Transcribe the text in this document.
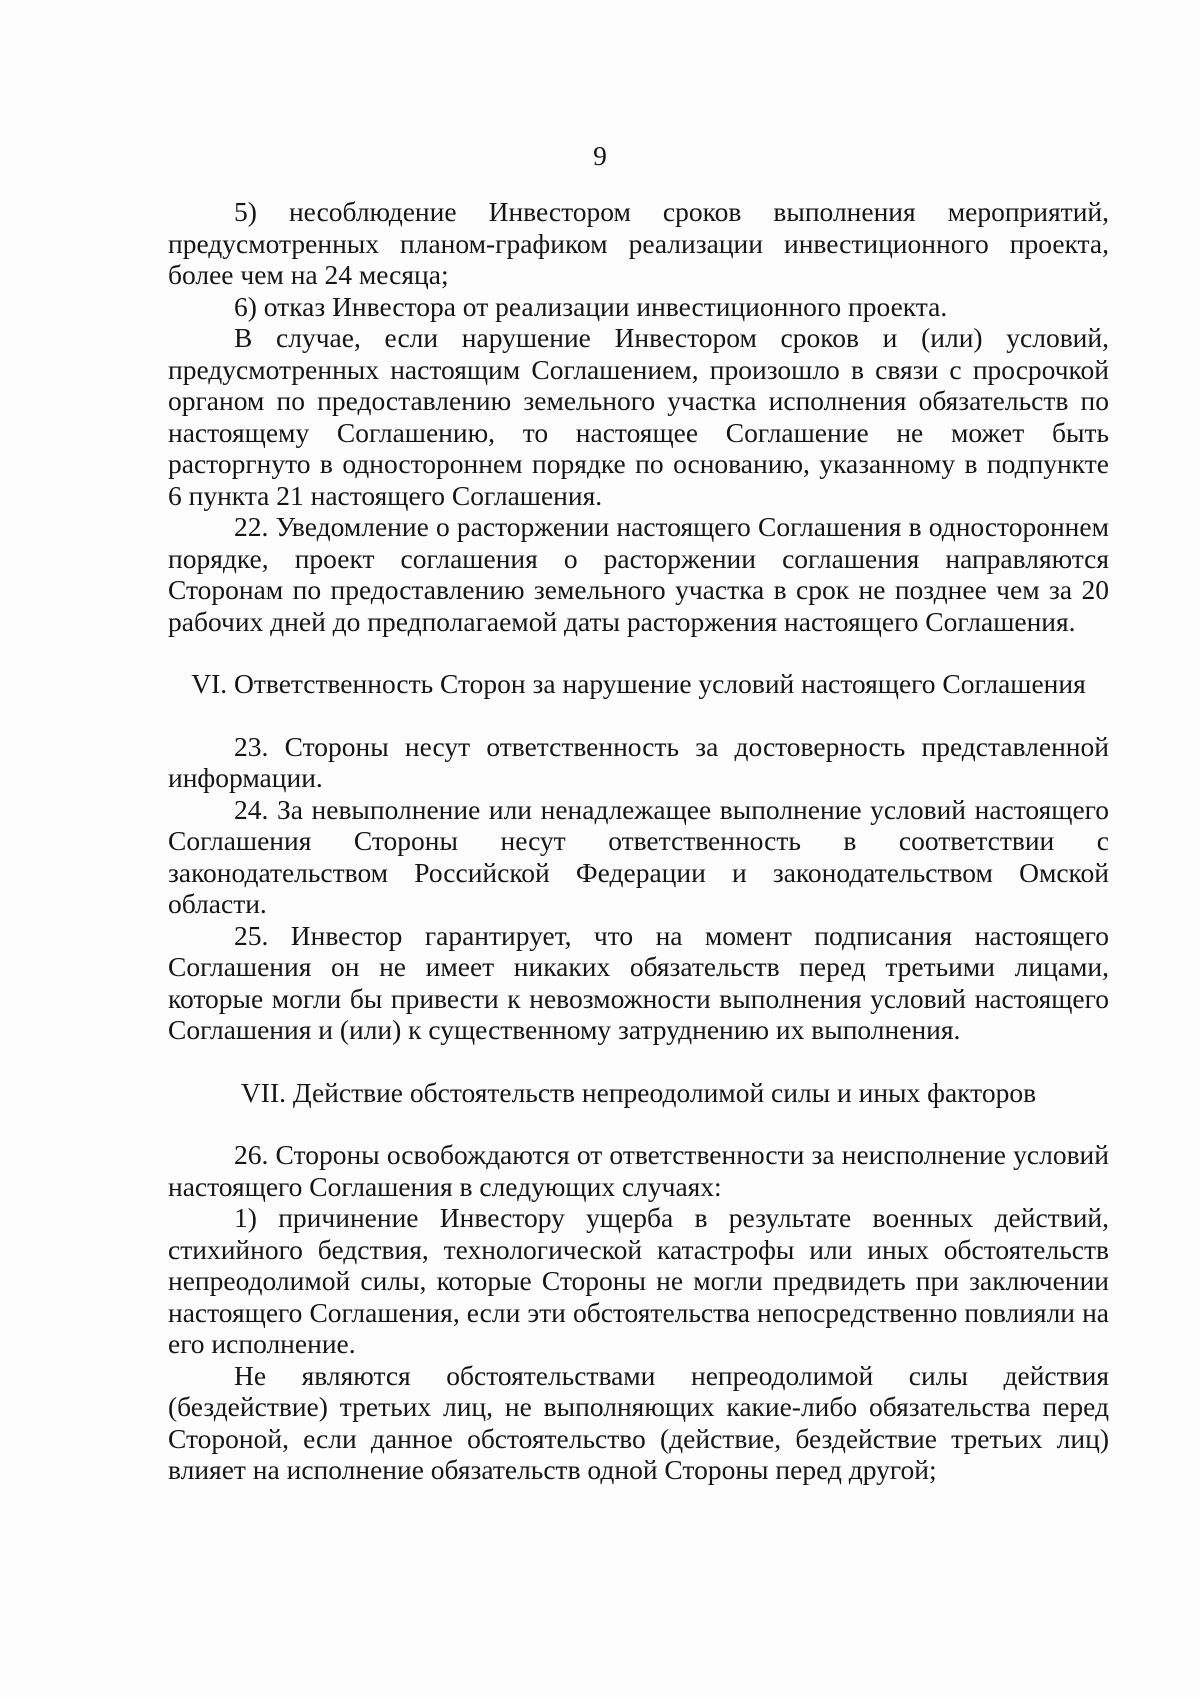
9

5) несоблюдение Инвестором сроков выполнения мероприятий, предусмотренных планом-графиком реализации инвестиционного проекта, более чем на 24 месяца;

6) отказ Инвестора от реализации инвестиционного проекта.

В случае, если нарушение Инвестором сроков и (или) условий, предусмотренных настоящим Соглашением, произошло в связи с просрочкой органом по предоставлению земельного участка исполнения обязательств по настоящему Соглашению, то настоящее Соглашение не может быть расторгнуто в одностороннем порядке по основанию, указанному в подпункте 6 пункта 21 настоящего Соглашения.

22. Уведомление о расторжении настоящего Соглашения в одностороннем порядке, проект соглашения о расторжении соглашения направляются Сторонам по предоставлению земельного участка в срок не позднее чем за 20 рабочих дней до предполагаемой даты расторжения настоящего Соглашения.

VI. Ответственность Сторон за нарушение условий настоящего Соглашения

23. Стороны несут ответственность за достоверность представленной информации.

24. За невыполнение или ненадлежащее выполнение условий настоящего Соглашения Стороны несут ответственность в соответствии с законодательством Российской Федерации и законодательством Омской области.

25. Инвестор гарантирует, что на момент подписания настоящего Соглашения он не имеет никаких обязательств перед третьими лицами, которые могли бы привести к невозможности выполнения условий настоящего Соглашения и (или) к существенному затруднению их выполнения.

VII. Действие обстоятельств непреодолимой силы и иных факторов

26. Стороны освобождаются от ответственности за неисполнение условий настоящего Соглашения в следующих случаях:

1) причинение Инвестору ущерба в результате военных действий, стихийного бедствия, технологической катастрофы или иных обстоятельств непреодолимой силы, которые Стороны не могли предвидеть при заключении настоящего Соглашения, если эти обстоятельства непосредственно повлияли на его исполнение.

Не являются обстоятельствами непреодолимой силы действия (бездействие) третьих лиц, не выполняющих какие-либо обязательства перед Стороной, если данное обстоятельство (действие, бездействие третьих лиц) влияет на исполнение обязательств одной Стороны перед другой;
